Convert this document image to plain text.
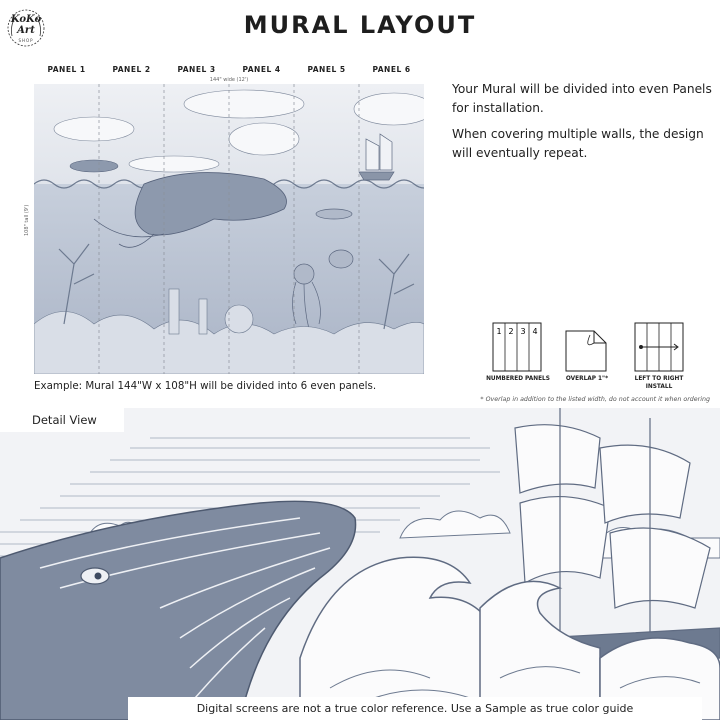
KoKo
Art
SHOP
MURAL LAYOUT
PANEL 1	PANEL 2	PANEL 3	PANEL 4	PANEL 5	PANEL 6
144" wide (12')
108" tall (9')
Example: Mural 144"W x 108"H will be divided into 6 even panels.

Your Mural will be divided into even Panels for installation.

When covering multiple walls, the design will eventually repeat.

1 2 3 4
NUMBERED PANELS	OVERLAP 1"*	LEFT TO RIGHT
INSTALL
* Overlap in addition to the listed width, do not account it when ordering
Detail View
Digital screens are not a true color reference. Use a Sample as true color guide
